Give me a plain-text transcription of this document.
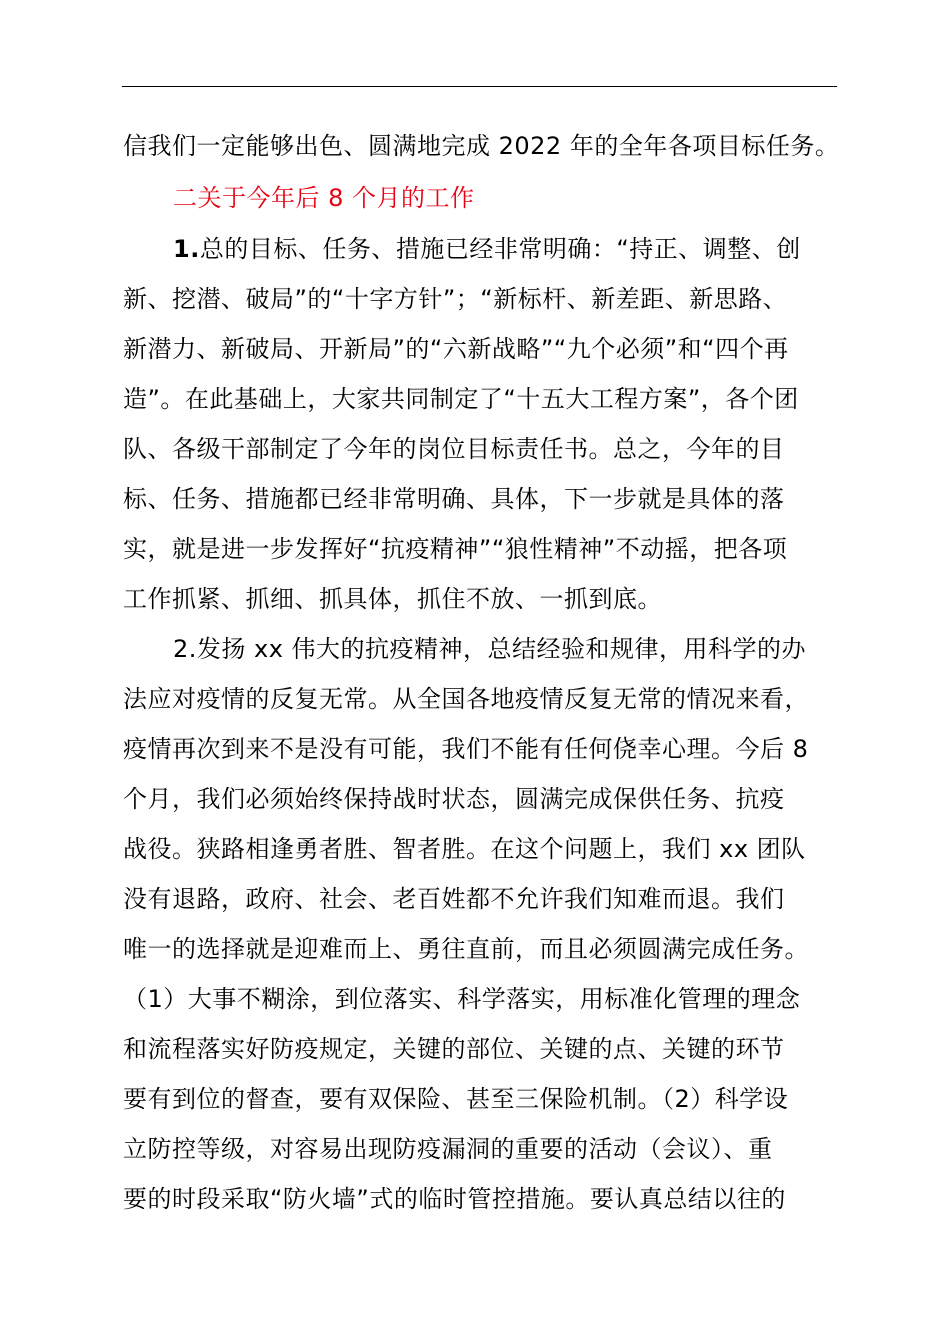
信我们一定能够出色、圆满地完成 2022 年的全年各项目标任务。
二关于今年后 8 个月的工作
1.总的目标、任务、措施已经非常明确：“持正、调整、创
新、挖潜、破局”的“十字方针”；“新标杆、新差距、新思路、
新潜力、新破局、开新局”的“六新战略”“九个必须”和“四个再
造”。在此基础上，大家共同制定了“十五大工程方案”，各个团
队、各级干部制定了今年的岗位目标责任书。总之，今年的目
标、任务、措施都已经非常明确、具体，下一步就是具体的落
实，就是进一步发挥好“抗疫精神”“狼性精神”不动摇，把各项
工作抓紧、抓细、抓具体，抓住不放、一抓到底。
2.发扬 xx 伟大的抗疫精神，总结经验和规律，用科学的办
法应对疫情的反复无常。从全国各地疫情反复无常的情况来看，
疫情再次到来不是没有可能，我们不能有任何侥幸心理。今后 8
个月，我们必须始终保持战时状态，圆满完成保供任务、抗疫
战役。狭路相逢勇者胜、智者胜。在这个问题上，我们 xx 团队
没有退路，政府、社会、老百姓都不允许我们知难而退。我们
唯一的选择就是迎难而上、勇往直前，而且必须圆满完成任务。
（1）大事不糊涂，到位落实、科学落实，用标准化管理的理念
和流程落实好防疫规定，关键的部位、关键的点、关键的环节
要有到位的督查，要有双保险、甚至三保险机制。（2）科学设
立防控等级，对容易出现防疫漏洞的重要的活动（会议）、重
要的时段采取“防火墙”式的临时管控措施。要认真总结以往的
